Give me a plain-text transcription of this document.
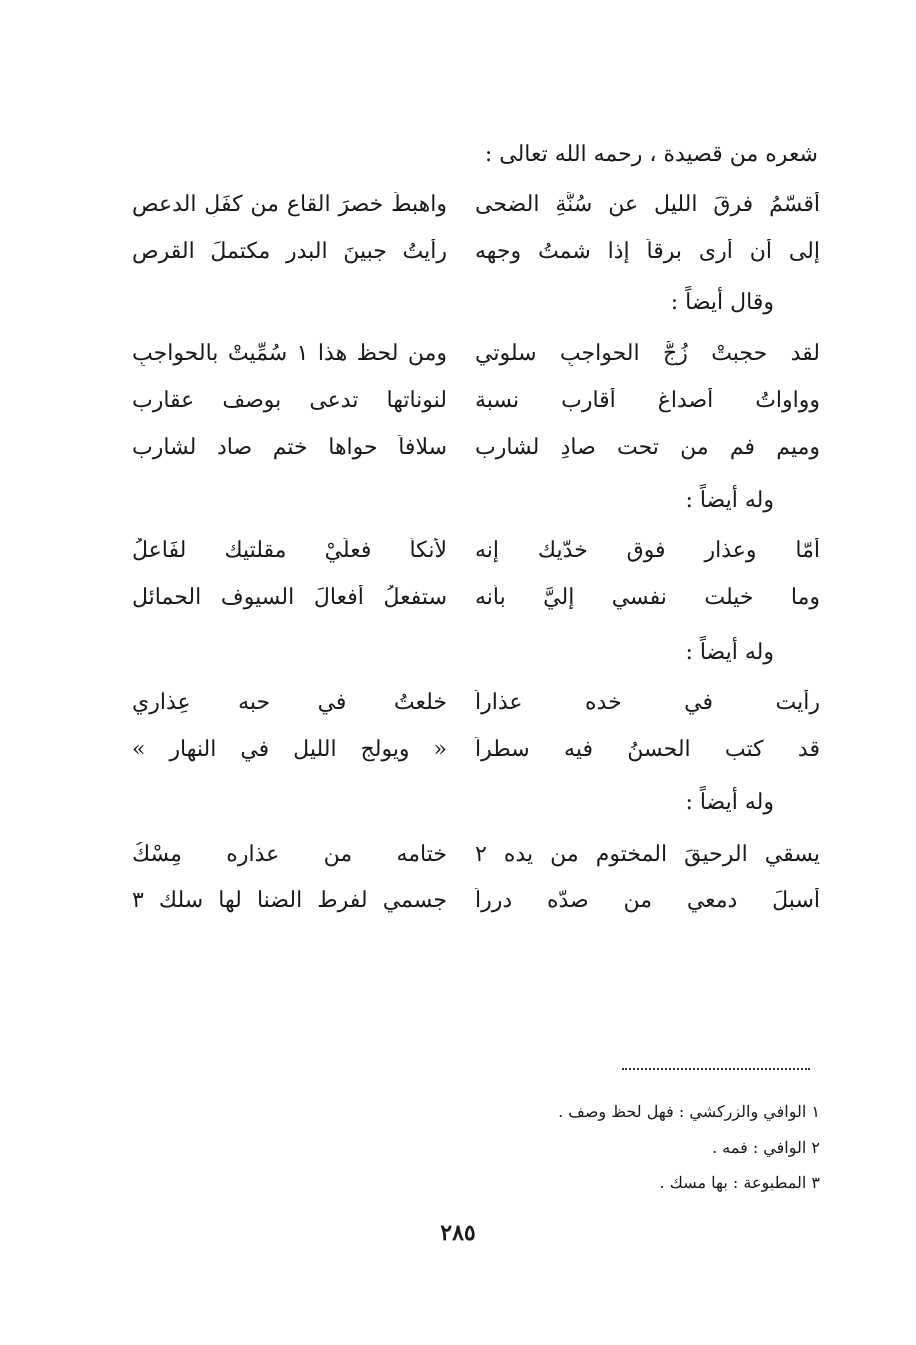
شعره من قصيدة ، رحمه الله تعالى :
أقسّمُ فرقَ الليل عن سُنَّةِ الضحى
واهبطُ خصرَ القاع من كفَلِ الدعصِ
إلى أن أرى برقاً إذا شمتُ وجهه
رأيتُ جبينَ البدر مكتملَ القرص
وقال أيضاً :
لقد حجبتْ زُجُّ الحواجبِ سلوتي
ومن لحظ هذا ١ سُمِّيتْ بالحواجبِ
وواواتُ أصداغ أقارب نسبة
لنوناتها تدعى بوصف عقارب
وميم فم من تحت صادِ لشارب
سلافاً حواها ختم صاد لشارب
وله أيضاً :
أمّا وعذارِ فوق خدّيك إنه
لأنكأ فعلَيْ مقلتيك لفَاعلُ
وما خيلت نفسي إليَّ بأنه
ستفعلُ أفعالَ السيوف الحمائل
وله أيضاً :
رأيت في خده عذاراً
خلعتُ في حبه عِذاري
قد كتب الحسنُ فيه سطراً
« ويولج الليل في النهار »
وله أيضاً :
يسقي الرحيقَ المختوم من يده ٢
ختامه من عذاره مِسْكُ
أسبلَ دمعي من صدّه درراً
جسمي لفرط الضنا لها سلك ٣
١ الوافي والزركشي : فهل لحظ وصف .
٢ الوافي : فمه .
٣ المطبوعة : بها مسك .
٢٨٥
